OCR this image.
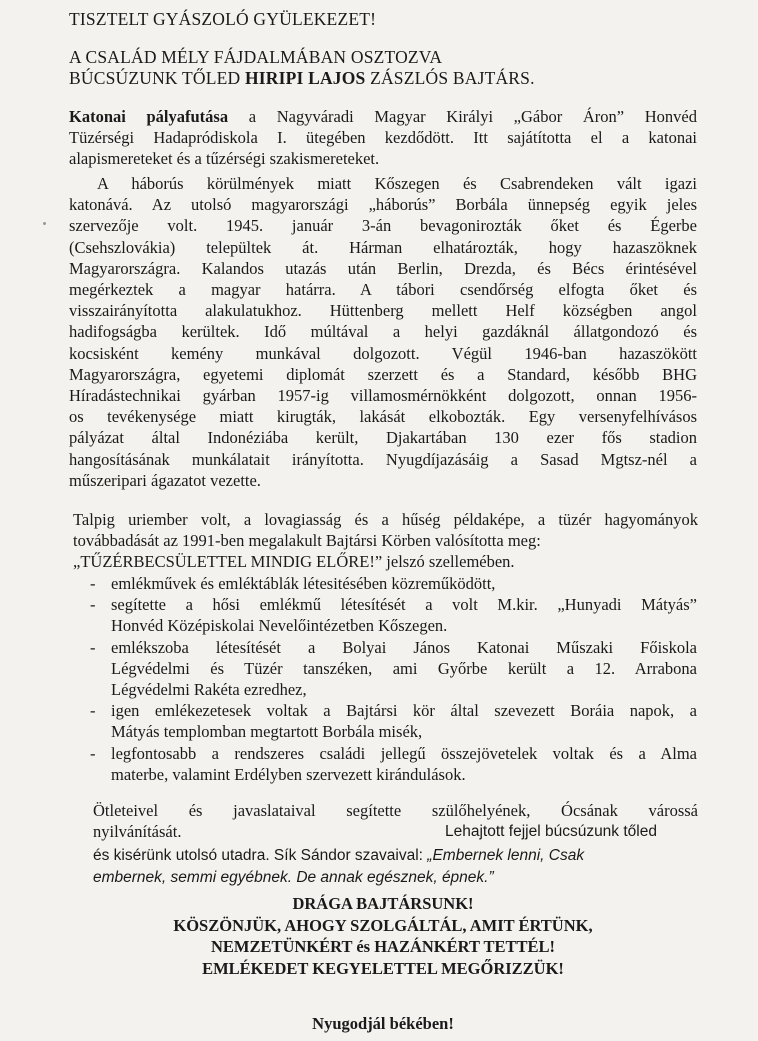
TISZTELT GYÁSZOLÓ GYÜLEKEZET!
A CSALÁD MÉLY FÁJDALMÁBAN OSZTOZVA
BÚCSÚZUNK TŐLED HIRIPI LAJOS ZÁSZLÓS BAJTÁRS.
Katonai pályafutása a Nagyváradi Magyar Királyi „Gábor Áron” Honvéd
Tüzérségi Hadapródiskola I. ütegében kezdődött. Itt sajátította el a katonai
alapismereteket és a tűzérségi szakismereteket.
A háborús körülmények miatt Kőszegen és Csabrendeken vált igazi
katonává. Az utolsó magyarországi „háborús” Borbála ünnepség egyik jeles
szervezője volt. 1945. január 3-án bevagonirozták őket és Égerbe
(Csehszlovákia) települtek át. Hárman elhatározták, hogy hazaszöknek
Magyarországra. Kalandos utazás után Berlin, Drezda, és Bécs érintésével
megérkeztek a magyar határra. A tábori csendőrség elfogta őket és
visszairányította alakulatukhoz. Hüttenberg mellett Helf községben angol
hadifogságba kerültek. Idő múltával a helyi gazdáknál állatgondozó és
kocsisként kemény munkával dolgozott. Végül 1946-ban hazaszökött
Magyarországra, egyetemi diplomát szerzett és a Standard, később BHG
Híradástechnikai gyárban 1957-ig villamosmérnökként dolgozott, onnan 1956-
os tevékenysége miatt kirugták, lakását elkobozták. Egy versenyfelhívásos
pályázat által Indonéziába került, Djakartában 130 ezer fős stadion
hangosításának munkálatait irányította. Nyugdíjazásáig a Sasad Mgtsz-nél a
műszeripari ágazatot vezette.
Talpig uriember volt, a lovagiasság és a hűség példaképe, a tüzér hagyományok
továbbadását az 1991-ben megalakult Bajtársi Körben valósította meg:
„TŰZÉRBECSÜLETTEL MINDIG ELŐRE!” jelszó szellemében.
- emlékművek és emléktáblák létesitésében közreműködött,
- segítette a hősi emlékmű létesítését a volt M.kir. „Hunyadi Mátyás”
Honvéd Középiskolai Nevelőintézetben Kőszegen.
- emlékszoba létesítését a Bolyai János Katonai Műszaki Főiskola
Légvédelmi és Tüzér tanszéken, ami Győrbe került a 12. Arrabona
Légvédelmi Rakéta ezredhez,
- igen emlékezetesek voltak a Bajtársi kör által szevezett Boráia napok, a
Mátyás templomban megtartott Borbála misék,
- legfontosabb a rendszeres családi jellegű összejövetelek voltak és a Alma
materbe, valamint Erdélyben szervezett kirándulások.
Ötleteivel és javaslataival segítette szülőhelyének, Ócsának várossá
nyilvánítását.	Lehajtott fejjel búcsúzunk tőled
és kisérünk utolsó utadra. Sík Sándor szavaival: „Embernek lenni, Csak
embernek, semmi egyébnek. De annak egésznek, épnek.”
DRÁGA BAJTÁRSUNK!
KÖSZÖNJÜK, AHOGY SZOLGÁLTÁL, AMIT ÉRTÜNK,
NEMZETÜNKÉRT és HAZÁNKÉRT TETTÉL!
EMLÉKEDET KEGYELETTEL MEGŐRIZZÜK!
Nyugodjál békében!
